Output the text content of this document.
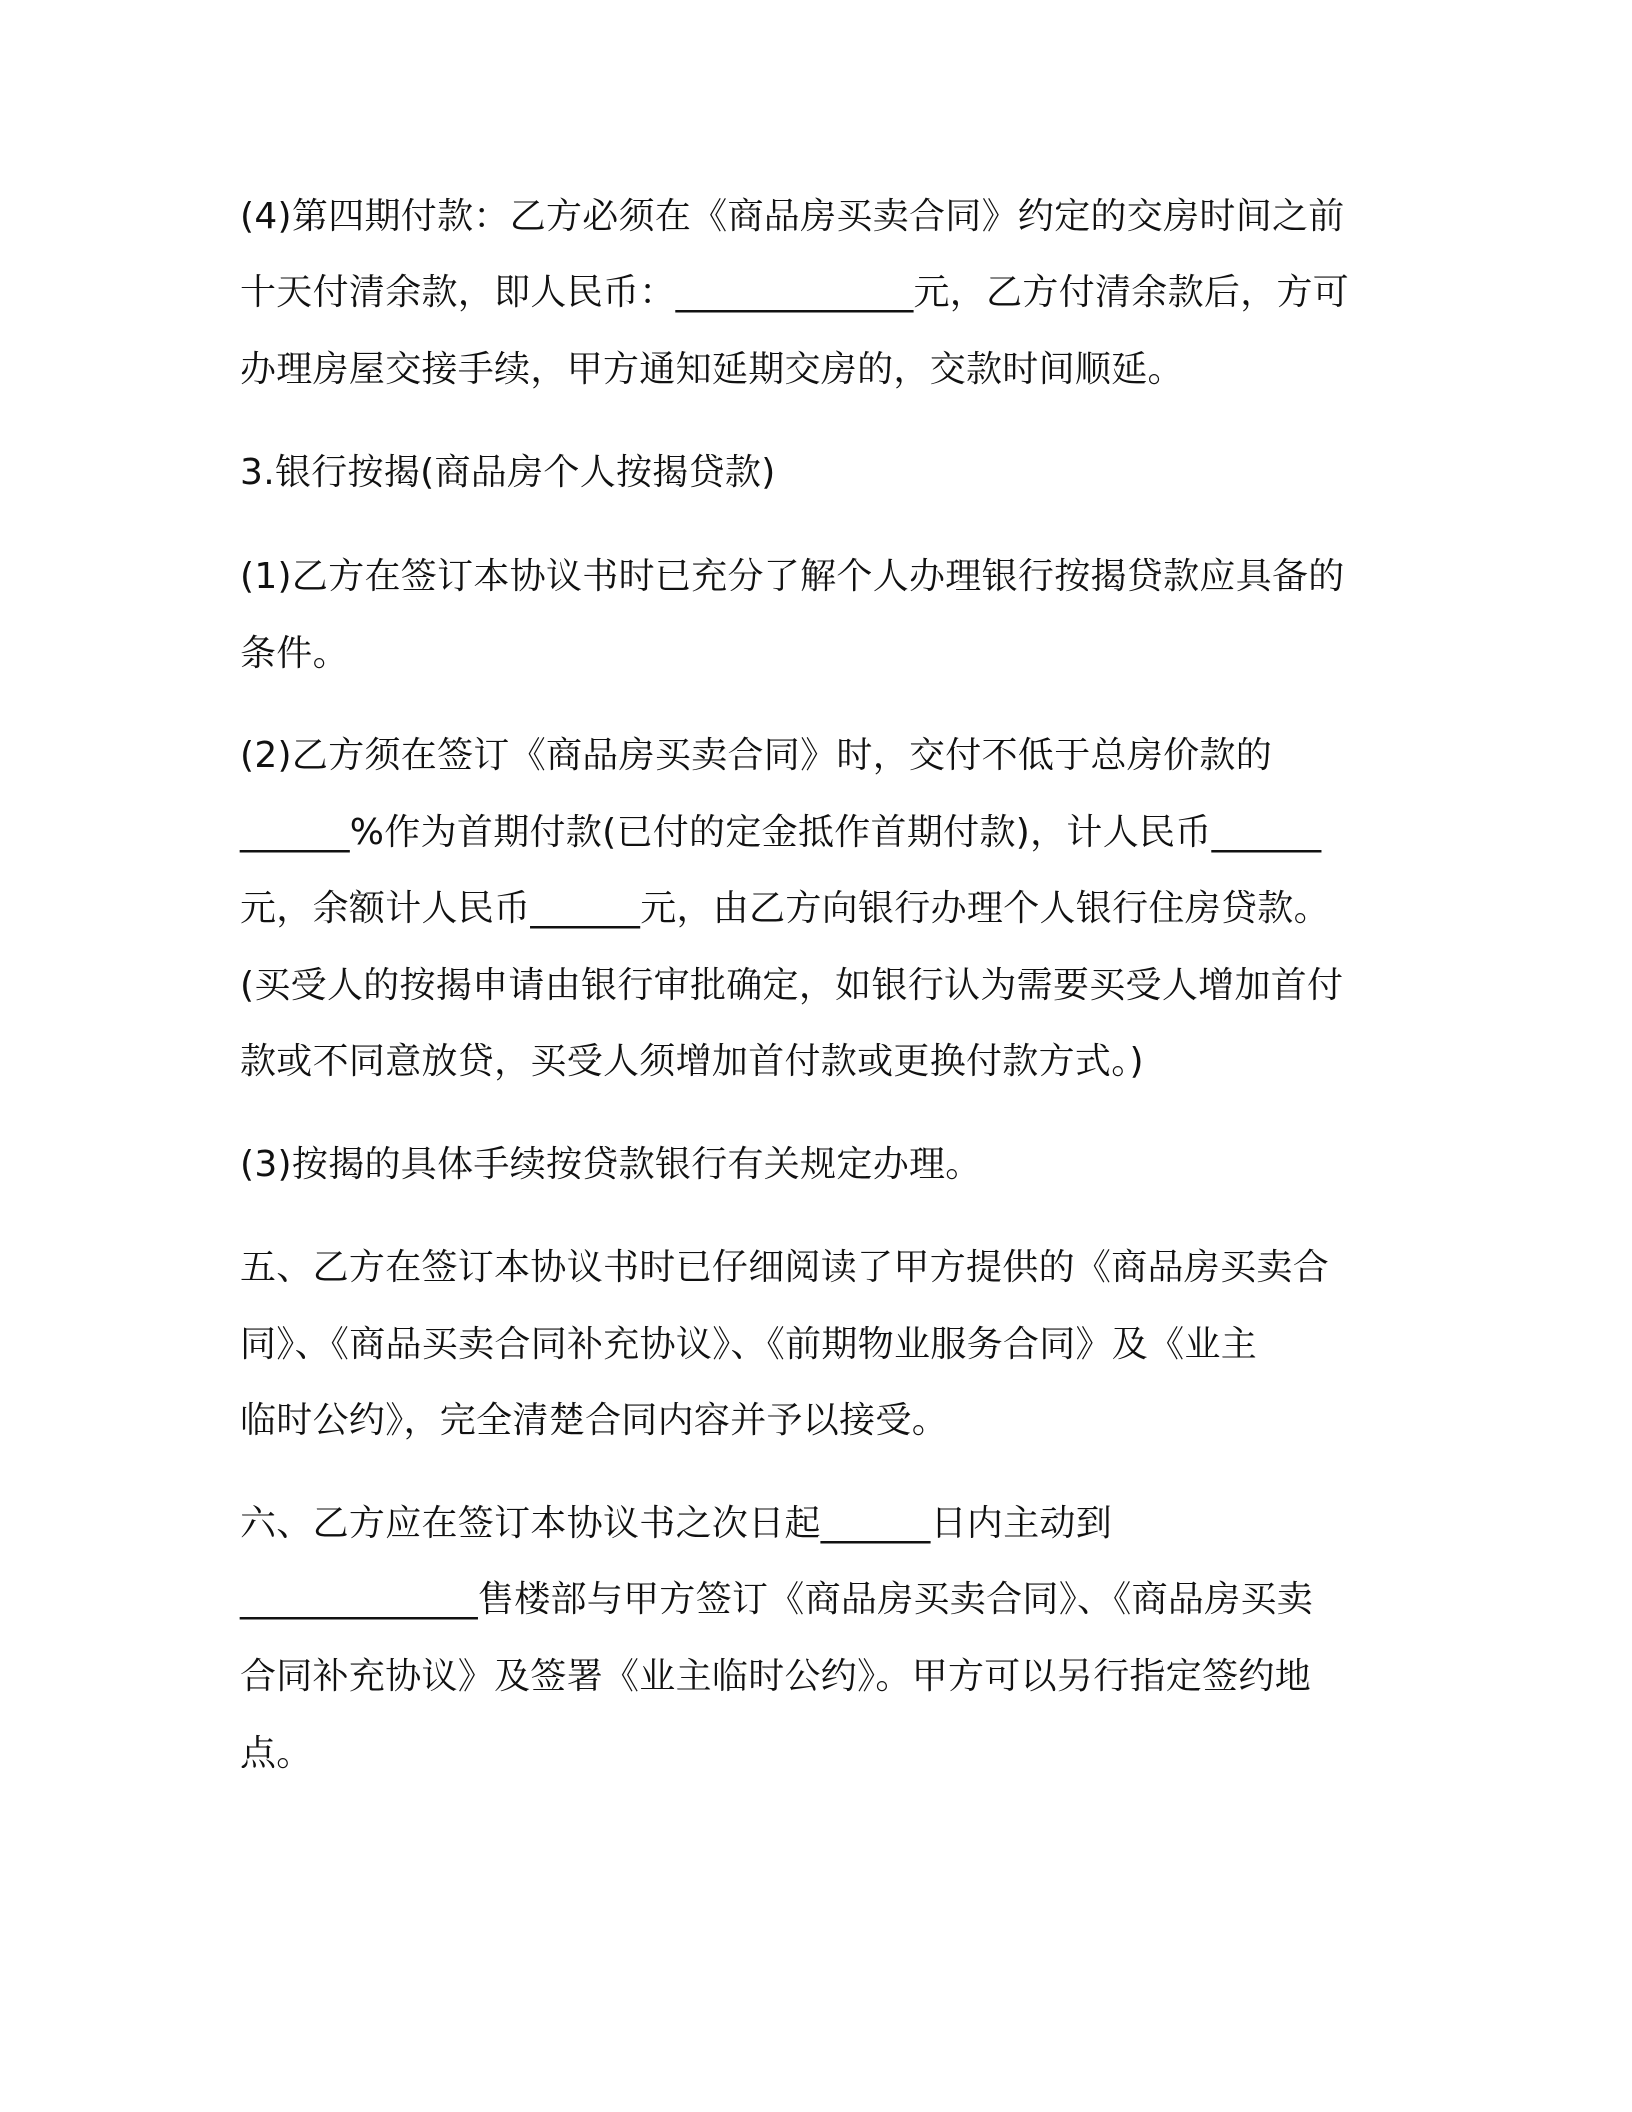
(4)第四期付款：乙方必须在《商品房买卖合同》约定的交房时间之前
十天付清余款，即人民币：_____________元，乙方付清余款后，方可
办理房屋交接手续，甲方通知延期交房的，交款时间顺延。
3.银行按揭(商品房个人按揭贷款)
(1)乙方在签订本协议书时已充分了解个人办理银行按揭贷款应具备的
条件。
(2)乙方须在签订《商品房买卖合同》时，交付不低于总房价款的
______%作为首期付款(已付的定金抵作首期付款)，计人民币______
元，余额计人民币______元，由乙方向银行办理个人银行住房贷款。
(买受人的按揭申请由银行审批确定，如银行认为需要买受人增加首付
款或不同意放贷，买受人须增加首付款或更换付款方式。)
(3)按揭的具体手续按贷款银行有关规定办理。
五、乙方在签订本协议书时已仔细阅读了甲方提供的《商品房买卖合
同》、《商品买卖合同补充协议》、《前期物业服务合同》及《业主
临时公约》，完全清楚合同内容并予以接受。
六、乙方应在签订本协议书之次日起______日内主动到
_____________售楼部与甲方签订《商品房买卖合同》、《商品房买卖
合同补充协议》及签署《业主临时公约》。甲方可以另行指定签约地
点。
